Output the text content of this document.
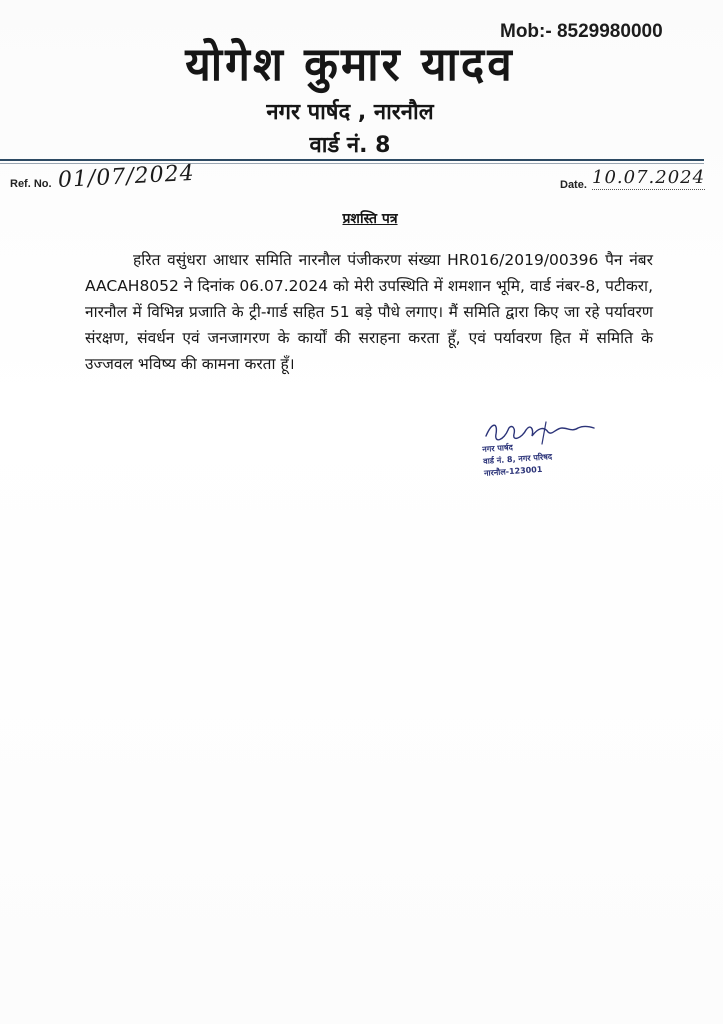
Mob:- 8529980000
योगेश कुमार यादव
नगर पार्षद , नारनौल
वार्ड नं. 8
Ref. No. 01/07/2024	Date. 10.07.2024
प्रशस्ति पत्र

हरित वसुंधरा आधार समिति नारनौल पंजीकरण संख्या HR016/2019/00396 पैन नंबर AACAH8052 ने दिनांक 06.07.2024 को मेरी उपस्थिति में शमशान भूमि, वार्ड नंबर-8, पटीकरा, नारनौल में विभिन्न प्रजाति के ट्री-गार्ड सहित 51 बड़े पौधे लगाए। मैं समिति द्वारा किए जा रहे पर्यावरण संरक्षण, संवर्धन एवं जनजागरण के कार्यों की सराहना करता हूँ, एवं पर्यावरण हित में समिति के उज्जवल भविष्य की कामना करता हूँ।

नगर पार्षद
वार्ड नं. 8, नगर परिषद
नारनौल-123001
